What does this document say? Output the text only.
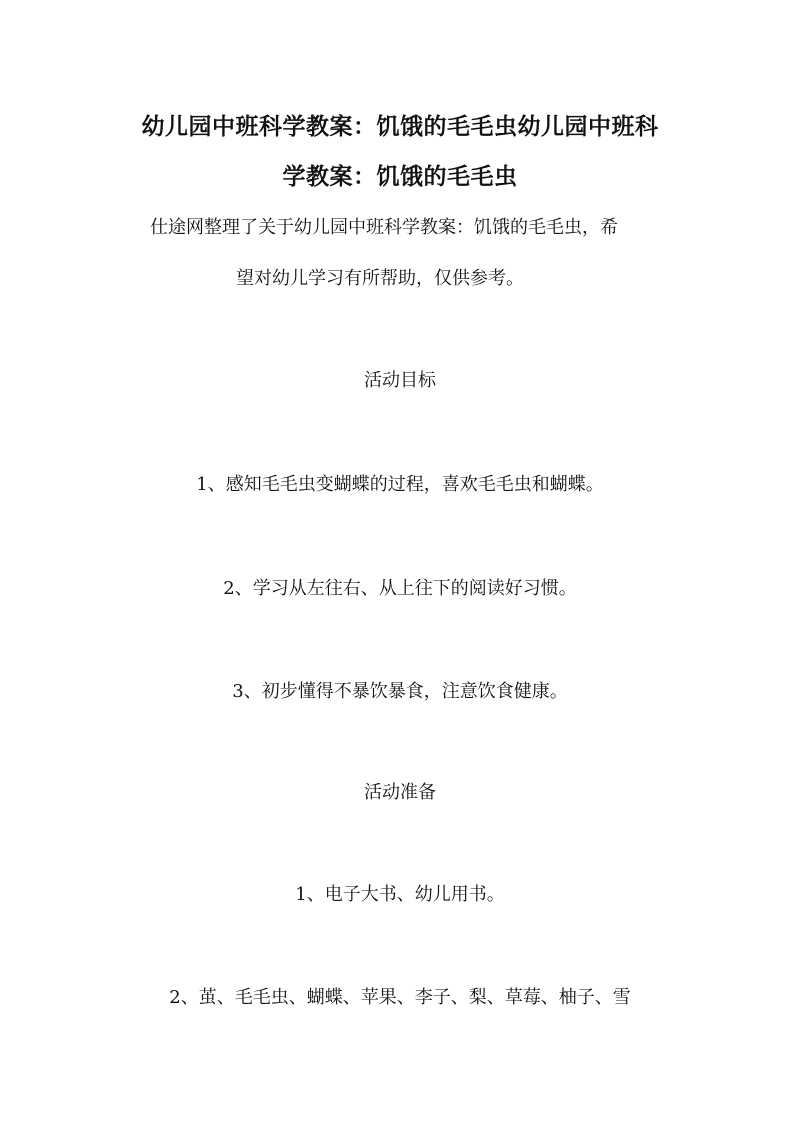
幼儿园中班科学教案：饥饿的毛毛虫幼儿园中班科
学教案：饥饿的毛毛虫
仕途网整理了关于幼儿园中班科学教案：饥饿的毛毛虫，希
望对幼儿学习有所帮助，仅供参考。
活动目标
1、感知毛毛虫变蝴蝶的过程，喜欢毛毛虫和蝴蝶。
2、学习从左往右、从上往下的阅读好习惯。
3、初步懂得不暴饮暴食，注意饮食健康。
活动准备
1、电子大书、幼儿用书。
2、茧、毛毛虫、蝴蝶、苹果、李子、梨、草莓、柚子、雪
